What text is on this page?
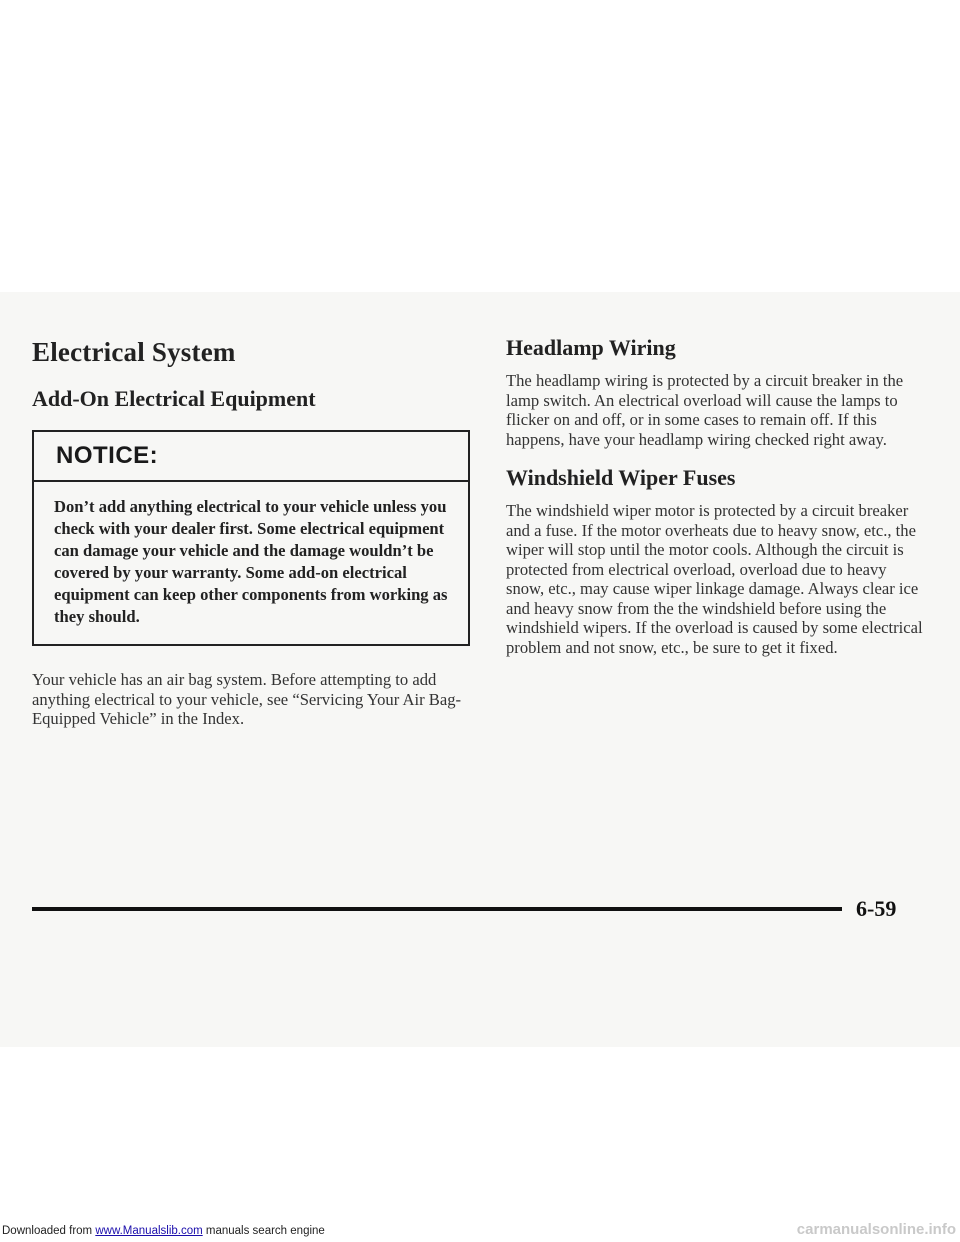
Electrical System
Add-On Electrical Equipment
NOTICE:
Don’t add anything electrical to your vehicle unless you check with your dealer first. Some electrical equipment can damage your vehicle and the damage wouldn’t be covered by your warranty. Some add-on electrical equipment can keep other components from working as they should.

Your vehicle has an air bag system. Before attempting to add anything electrical to your vehicle, see “Servicing Your Air Bag-Equipped Vehicle” in the Index.

Headlamp Wiring

The headlamp wiring is protected by a circuit breaker in the lamp switch. An electrical overload will cause the lamps to flicker on and off, or in some cases to remain off. If this happens, have your headlamp wiring checked right away.

Windshield Wiper Fuses

The windshield wiper motor is protected by a circuit breaker and a fuse. If the motor overheats due to heavy snow, etc., the wiper will stop until the motor cools. Although the circuit is protected from electrical overload, overload due to heavy snow, etc., may cause wiper linkage damage. Always clear ice and heavy snow from the the windshield before using the windshield wipers. If the overload is caused by some electrical problem and not snow, etc., be sure to get it fixed.

6-59
Downloaded from www.Manualslib.com manuals search engine	carmanualsonline.info
